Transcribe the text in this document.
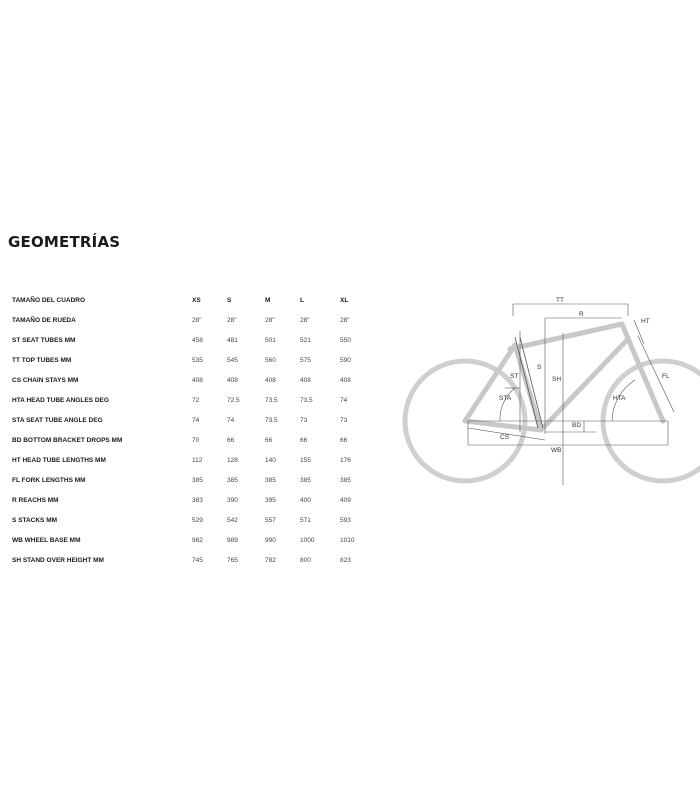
GEOMETRÍAS
TAMAÑO DEL CUADRO	XS	S	M	L	XL
TAMAÑO DE RUEDA	28"	28"	28"	28"	28"
ST SEAT TUBES MM	458	481	501	521	550
TT TOP TUBES MM	535	545	560	575	590
CS CHAIN STAYS MM	408	408	408	408	408
HTA HEAD TUBE ANGLES DEG	72	72.5	73.5	73.5	74
STA SEAT TUBE ANGLE DEG	74	74	73.5	73	73
BD BOTTOM BRACKET DROPS MM	70	66	66	66	66
HT HEAD TUBE LENGTHS MM	112	128	140	155	176
FL FORK LENGTHS MM	385	385	385	385	385
R REACHS MM	383	390	395	400	409
S STACKS MM	529	542	557	571	593
WB WHEEL BASE MM	982	989	990	1000	1010
SH STAND OVER HEIGHT MM	745	765	782	800	823
TT
R
HT
ST
S
SH	FL
STA	HTA
BD
CS
WB
